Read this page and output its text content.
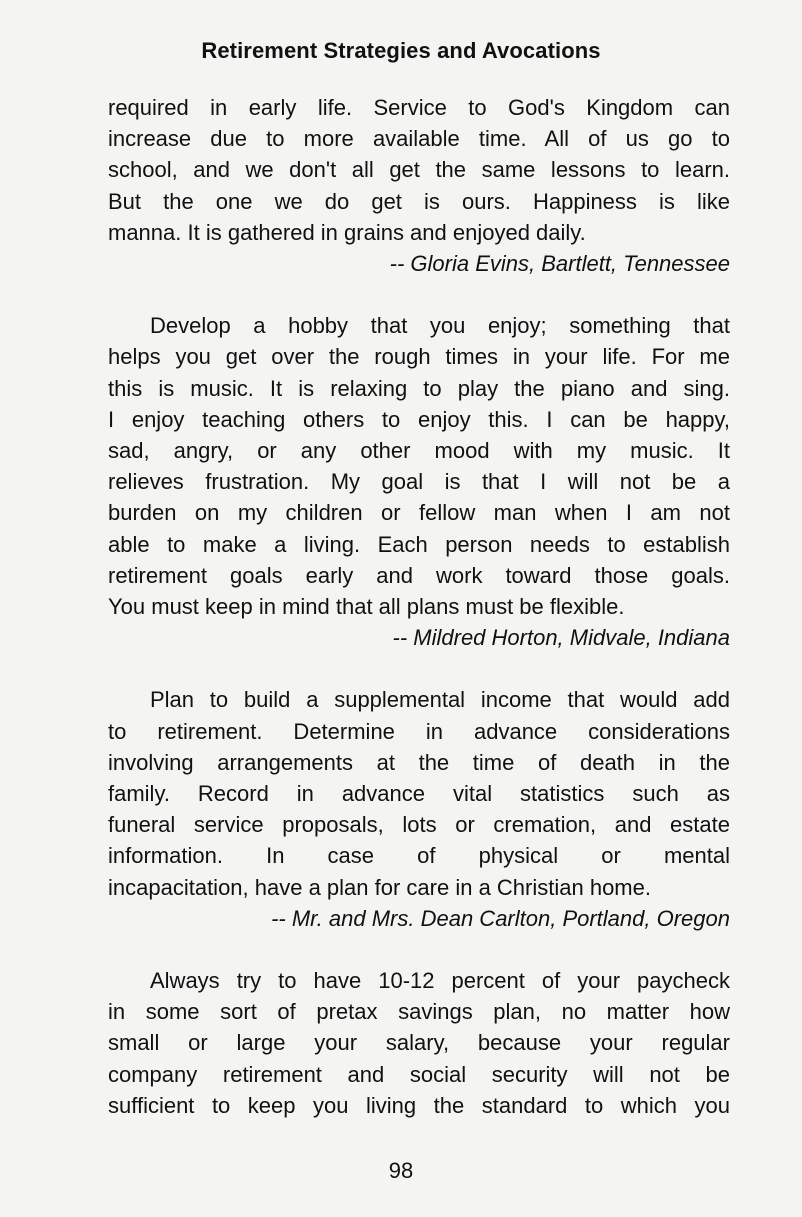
Retirement Strategies and Avocations

required in early life. Service to God's Kingdom can
increase due to more available time. All of us go to
school, and we don't all get the same lessons to learn.
But the one we do get is ours. Happiness is like
manna. It is gathered in grains and enjoyed daily.

-- Gloria Evins, Bartlett, Tennessee

Develop a hobby that you enjoy; something that
helps you get over the rough times in your life. For me
this is music. It is relaxing to play the piano and sing.
I enjoy teaching others to enjoy this. I can be happy,
sad, angry, or any other mood with my music. It
relieves frustration. My goal is that I will not be a
burden on my children or fellow man when I am not
able to make a living. Each person needs to establish
retirement goals early and work toward those goals.
You must keep in mind that all plans must be flexible.

-- Mildred Horton, Midvale, Indiana

Plan to build a supplemental income that would add
to retirement. Determine in advance considerations
involving arrangements at the time of death in the
family. Record in advance vital statistics such as
funeral service proposals, lots or cremation, and estate
information. In case of physical or mental
incapacitation, have a plan for care in a Christian home.

-- Mr. and Mrs. Dean Carlton, Portland, Oregon

Always try to have 10-12 percent of your paycheck
in some sort of pretax savings plan, no matter how
small or large your salary, because your regular
company retirement and social security will not be
sufficient to keep you living the standard to which you

98
